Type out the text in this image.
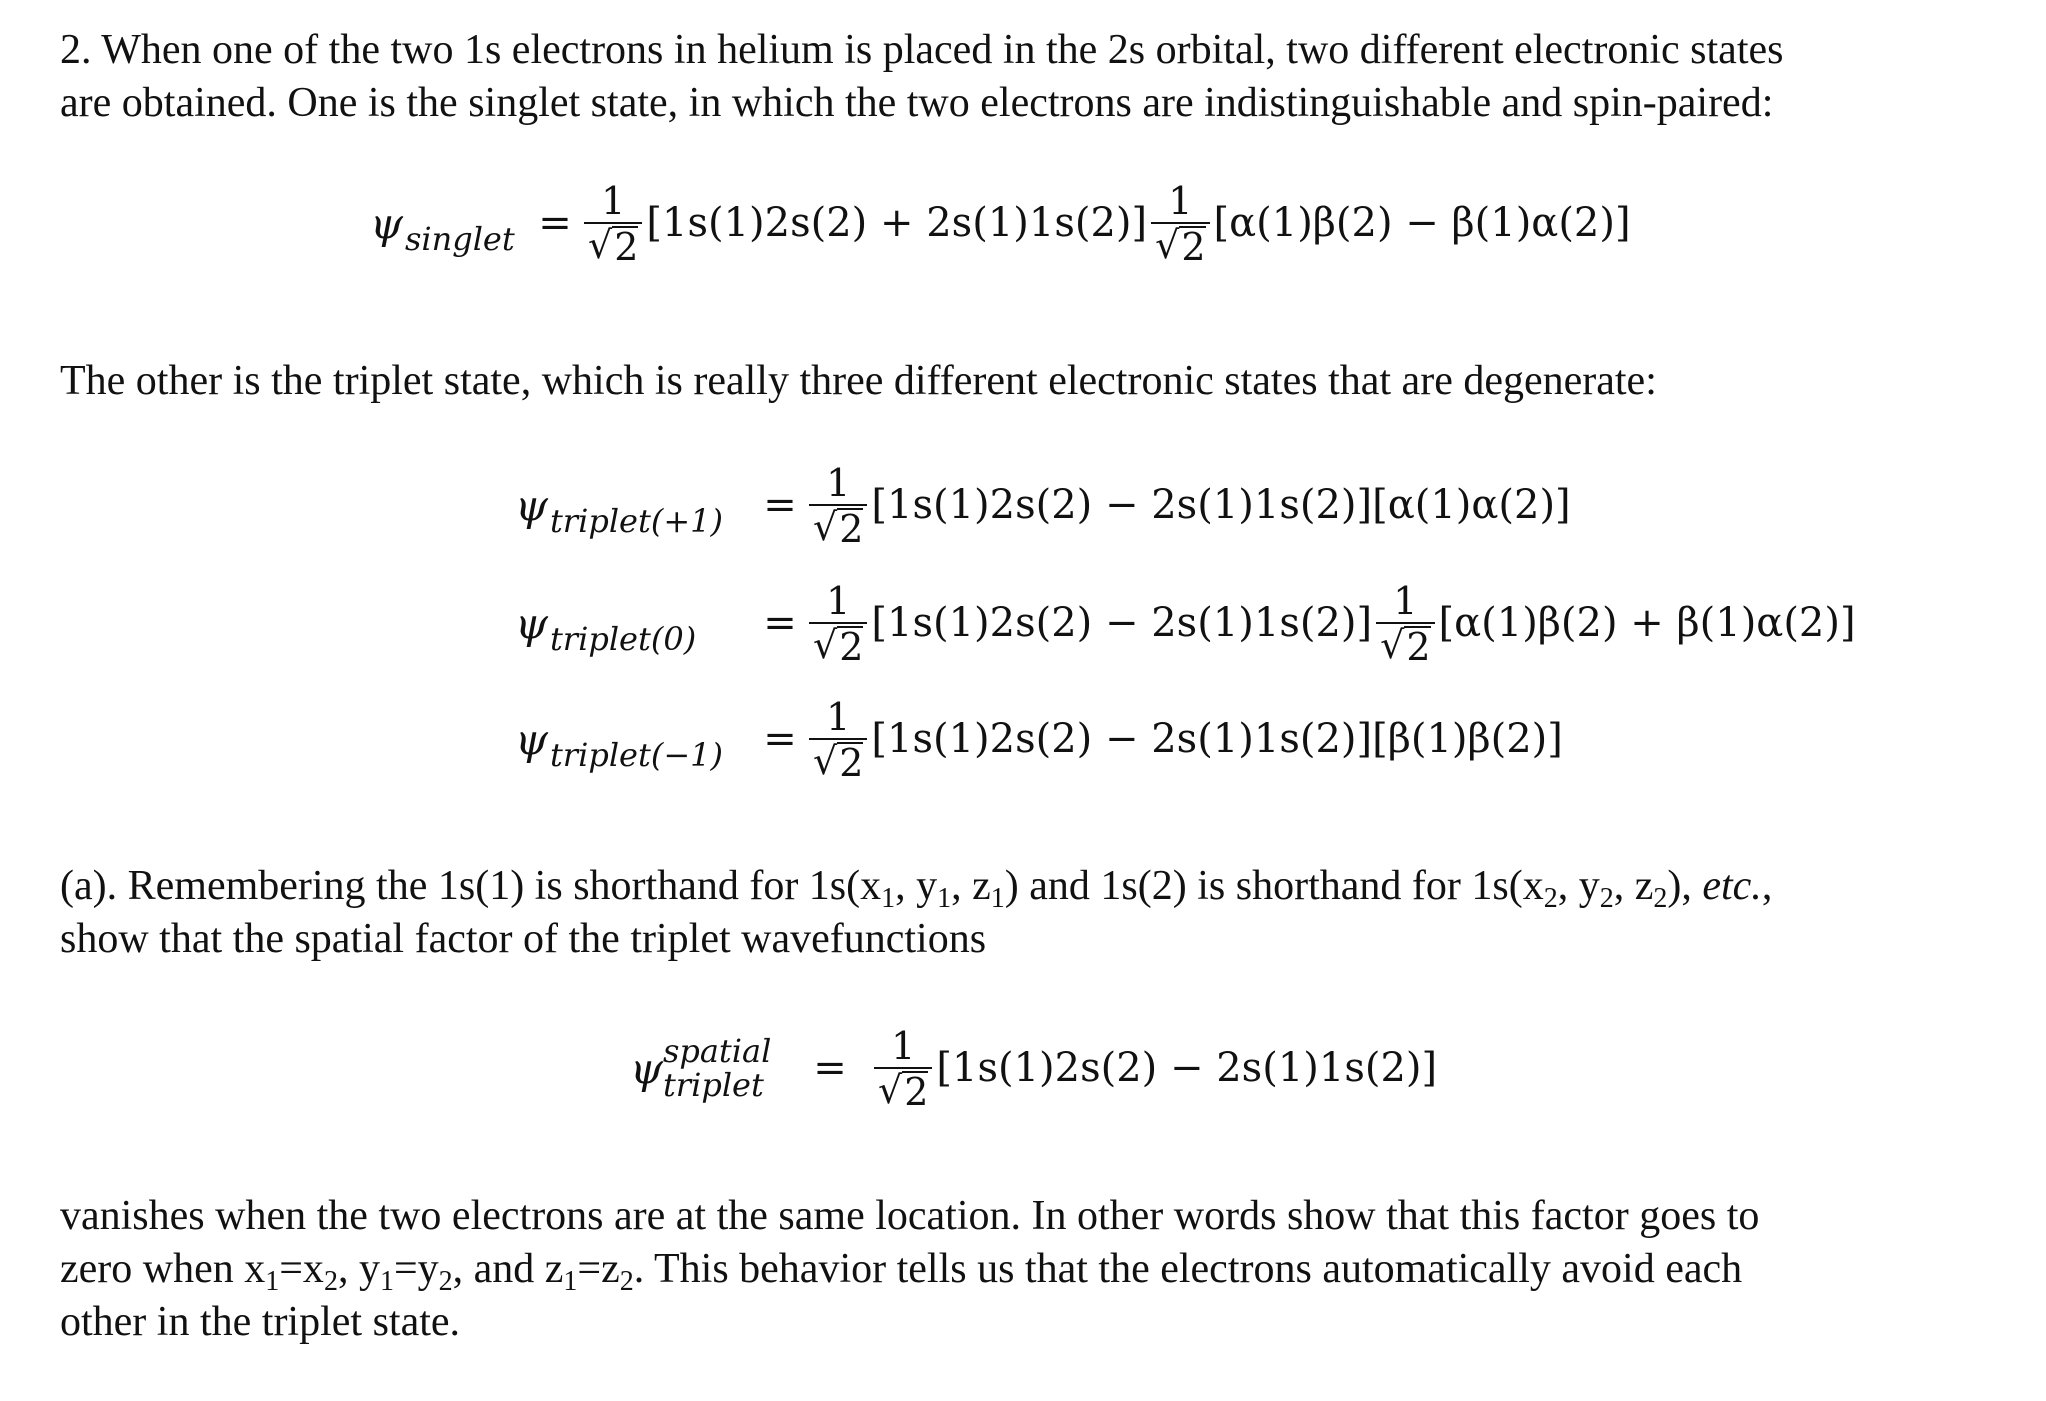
2. When one of the two 1s electrons in helium is placed in the 2s orbital, two different electronic states
are obtained. One is the singlet state, in which the two electrons are indistinguishable and spin-paired:
$\psi_{singlet} = \frac{1}{√ 2} [1s(1)2s(2) + 2s(1)1s(2)] \frac{1}{√ 2} [\alpha(1)\beta(2) - \beta(1)\alpha(2)]$
The other is the triplet state, which is really three different electronic states that are degenerate:
$\psi_{triplet(+1)}$	= $\frac{1}{√ 2} [1s(1)2s(2) - 2s(1)1s(2)][\alpha(1)\alpha(2)]$
$\psi_{triplet(0)}$	= $\frac{1}{√ 2} [1s(1)2s(2) - 2s(1)1s(2)] \frac{1}{√ 2} [\alpha(1)\beta(2) + \beta(1)\alpha(2)]$
$\psi_{triplet(-1)}$	= $\frac{1}{√ 2} [1s(1)2s(2) - 2s(1)1s(2)][\beta(1)\beta(2)]$
(a). Remembering the 1s(1) is shorthand for $1s(x_1$, $y_1$, $z_1$) and 1s(2) is shorthand for $1s(x_2$, $y_2$, $z_2$), etc.,
show that the spatial factor of the triplet wavefunctions
ψ spatial
triplet	= $\frac{1}{√ 2} [1s(1)2s(2) - 2s(1)1s(2)]$
vanishes when the two electrons are at the same location. In other words show that this factor goes to
zero when $x_1=x_2$, $y_1=y_2$, and $z_1=z_2$. This behavior tells us that the electrons automatically avoid each
other in the triplet state.
